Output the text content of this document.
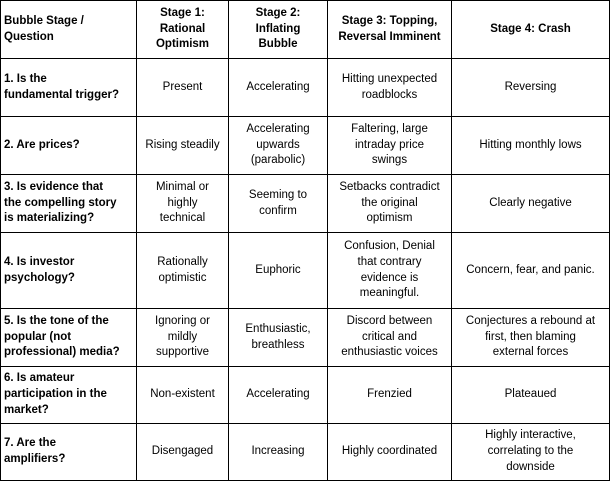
Bubble Stage /
Question	Stage 1:
Rational
Optimism	Stage 2:
Inflating
Bubble	Stage 3: Topping,
Reversal Imminent	Stage 4: Crash
1. Is the
fundamental trigger?	Present	Accelerating	Hitting unexpected
roadblocks	Reversing
2. Are prices?	Rising steadily	Accelerating
upwards
(parabolic)	Faltering, large
intraday price
swings	Hitting monthly lows
3. Is evidence that
the compelling story
is materializing?	Minimal or
highly
technical	Seeming to
confirm	Setbacks contradict
the original
optimism	Clearly negative
4. Is investor
psychology?	Rationally
optimistic	Euphoric	Confusion, Denial
that contrary
evidence is
meaningful.	Concern, fear, and panic.
5. Is the tone of the
popular (not
professional) media?	Ignoring or
mildly
supportive	Enthusiastic,
breathless	Discord between
critical and
enthusiastic voices	Conjectures a rebound at
first, then blaming
external forces
6. Is amateur
participation in the
market?	Non-existent	Accelerating	Frenzied	Plateaued
7. Are the
amplifiers?	Disengaged	Increasing	Highly coordinated	Highly interactive,
correlating to the
downside
